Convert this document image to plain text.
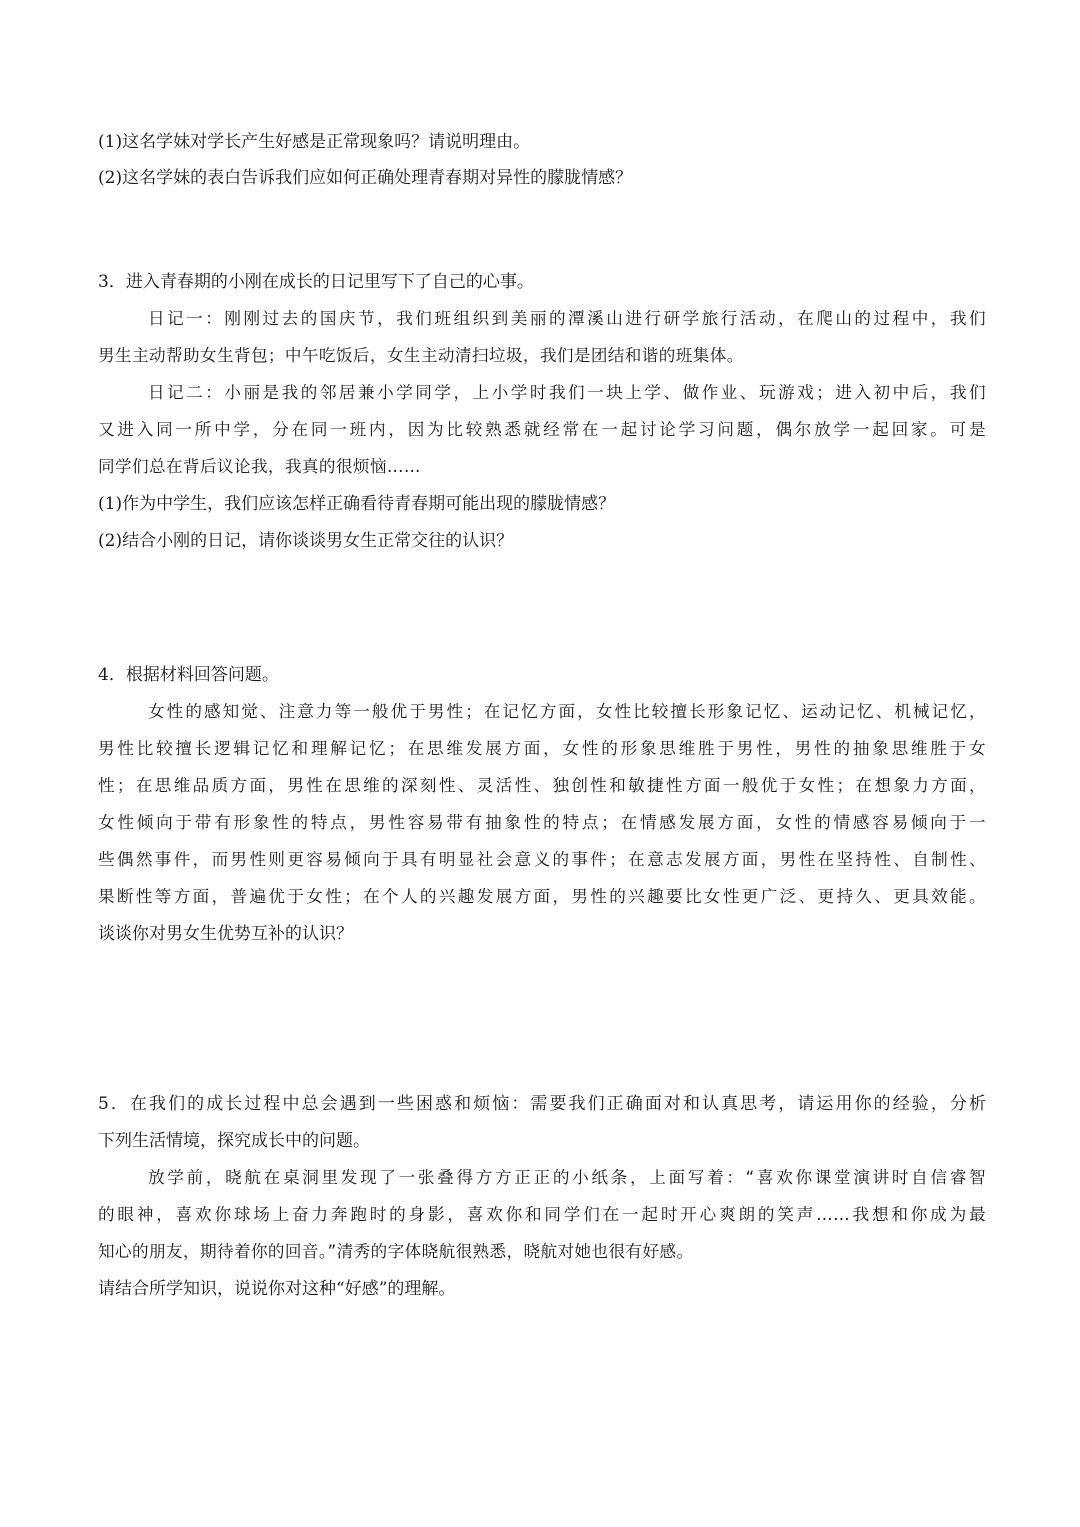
(1)这名学妹对学长产生好感是正常现象吗？请说明理由。
(2)这名学妹的表白告诉我们应如何正确处理青春期对异性的朦胧情感？
3．进入青春期的小刚在成长的日记里写下了自己的心事。
日记一：刚刚过去的国庆节，我们班组织到美丽的潭溪山进行研学旅行活动，在爬山的过程中，我们
男生主动帮助女生背包；中午吃饭后，女生主动清扫垃圾，我们是团结和谐的班集体。
日记二：小丽是我的邻居兼小学同学，上小学时我们一块上学、做作业、玩游戏；进入初中后，我们
又进入同一所中学，分在同一班内，因为比较熟悉就经常在一起讨论学习问题，偶尔放学一起回家。可是
同学们总在背后议论我，我真的很烦恼……
(1)作为中学生，我们应该怎样正确看待青春期可能出现的朦胧情感？
(2)结合小刚的日记，请你谈谈男女生正常交往的认识？
4．根据材料回答问题。
女性的感知觉、注意力等一般优于男性；在记忆方面，女性比较擅长形象记忆、运动记忆、机械记忆，
男性比较擅长逻辑记忆和理解记忆；在思维发展方面，女性的形象思维胜于男性，男性的抽象思维胜于女
性；在思维品质方面，男性在思维的深刻性、灵活性、独创性和敏捷性方面一般优于女性；在想象力方面，
女性倾向于带有形象性的特点，男性容易带有抽象性的特点；在情感发展方面，女性的情感容易倾向于一
些偶然事件，而男性则更容易倾向于具有明显社会意义的事件；在意志发展方面，男性在坚持性、自制性、
果断性等方面，普遍优于女性；在个人的兴趣发展方面，男性的兴趣要比女性更广泛、更持久、更具效能。
谈谈你对男女生优势互补的认识？
5．在我们的成长过程中总会遇到一些困惑和烦恼：需要我们正确面对和认真思考，请运用你的经验，分析
下列生活情境，探究成长中的问题。
放学前，晓航在桌洞里发现了一张叠得方方正正的小纸条，上面写着：“喜欢你课堂演讲时自信睿智
的眼神，喜欢你球场上奋力奔跑时的身影，喜欢你和同学们在一起时开心爽朗的笑声……我想和你成为最
知心的朋友，期待着你的回音。”清秀的字体晓航很熟悉，晓航对她也很有好感。
请结合所学知识，说说你对这种“好感”的理解。
